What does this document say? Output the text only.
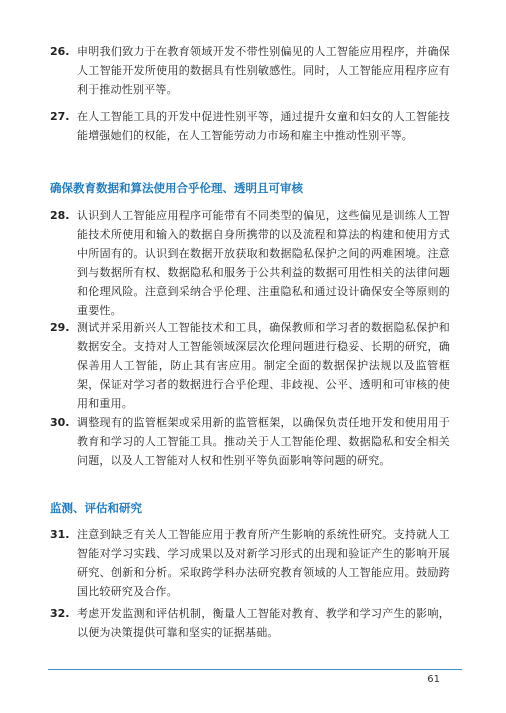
26. 申明我们致力于在教育领域开发不带性别偏见的人工智能应用程序，并确保人工智能开发所使用的数据具有性别敏感性。同时，人工智能应用程序应有利于推动性别平等。
27. 在人工智能工具的开发中促进性别平等，通过提升女童和妇女的人工智能技能增强她们的权能，在人工智能劳动力市场和雇主中推动性别平等。
确保教育数据和算法使用合乎伦理、透明且可审核
28. 认识到人工智能应用程序可能带有不同类型的偏见，这些偏见是训练人工智能技术所使用和输入的数据自身所携带的以及流程和算法的构建和使用方式中所固有的。认识到在数据开放获取和数据隐私保护之间的两难困境。注意到与数据所有权、数据隐私和服务于公共利益的数据可用性相关的法律问题和伦理风险。注意到采纳合乎伦理、注重隐私和通过设计确保安全等原则的重要性。
29. 测试并采用新兴人工智能技术和工具，确保教师和学习者的数据隐私保护和数据安全。支持对人工智能领域深层次伦理问题进行稳妥、长期的研究，确保善用人工智能，防止其有害应用。制定全面的数据保护法规以及监管框架，保证对学习者的数据进行合乎伦理、非歧视、公平、透明和可审核的使用和重用。
30. 调整现有的监管框架或采用新的监管框架，以确保负责任地开发和使用用于教育和学习的人工智能工具。推动关于人工智能伦理、数据隐私和安全相关问题，以及人工智能对人权和性别平等负面影响等问题的研究。
监测、评估和研究
31. 注意到缺乏有关人工智能应用于教育所产生影响的系统性研究。支持就人工智能对学习实践、学习成果以及对新学习形式的出现和验证产生的影响开展研究、创新和分析。采取跨学科办法研究教育领域的人工智能应用。鼓励跨国比较研究及合作。
32. 考虑开发监测和评估机制，衡量人工智能对教育、教学和学习产生的影响，以便为决策提供可靠和坚实的证据基础。
61
